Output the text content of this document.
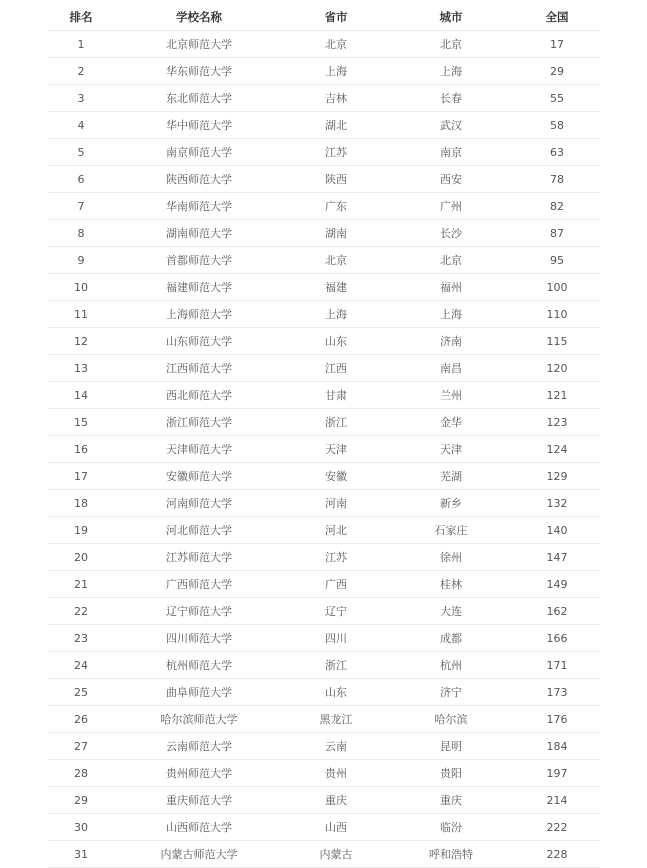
排名	学校名称	省市	城市	全国
1	北京师范大学	北京	北京	17
2	华东师范大学	上海	上海	29
3	东北师范大学	吉林	长春	55
4	华中师范大学	湖北	武汉	58
5	南京师范大学	江苏	南京	63
6	陕西师范大学	陕西	西安	78
7	华南师范大学	广东	广州	82
8	湖南师范大学	湖南	长沙	87
9	首都师范大学	北京	北京	95
10	福建师范大学	福建	福州	100
11	上海师范大学	上海	上海	110
12	山东师范大学	山东	济南	115
13	江西师范大学	江西	南昌	120
14	西北师范大学	甘肃	兰州	121
15	浙江师范大学	浙江	金华	123
16	天津师范大学	天津	天津	124
17	安徽师范大学	安徽	芜湖	129
18	河南师范大学	河南	新乡	132
19	河北师范大学	河北	石家庄	140
20	江苏师范大学	江苏	徐州	147
21	广西师范大学	广西	桂林	149
22	辽宁师范大学	辽宁	大连	162
23	四川师范大学	四川	成都	166
24	杭州师范大学	浙江	杭州	171
25	曲阜师范大学	山东	济宁	173
26	哈尔滨师范大学	黑龙江	哈尔滨	176
27	云南师范大学	云南	昆明	184
28	贵州师范大学	贵州	贵阳	197
29	重庆师范大学	重庆	重庆	214
30	山西师范大学	山西	临汾	222
31	内蒙古师范大学	内蒙古	呼和浩特	228
